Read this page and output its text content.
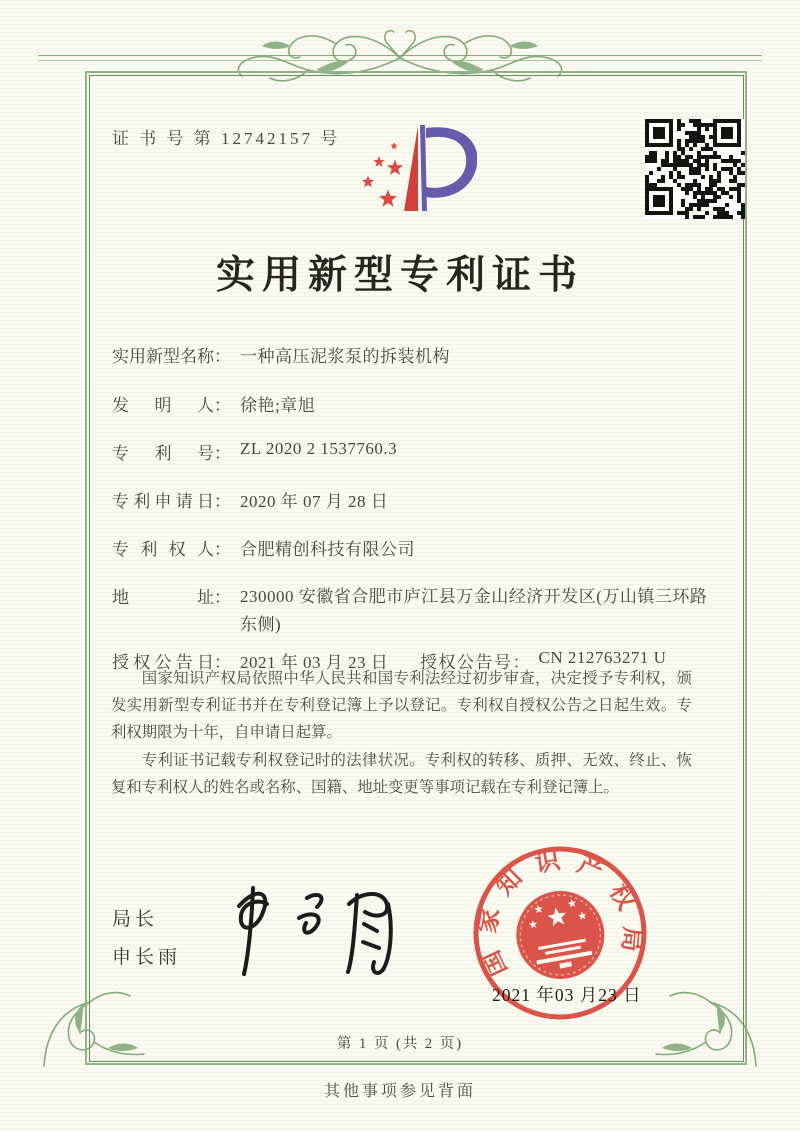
证 书 号 第 12742157 号
实用新型专利证书
实用新型名称： 一种高压泥浆泵的拆装机构
发明人： 徐艳;章旭
专利号： ZL 2020 2 1537760.3
专利申请日： 2020 年 07 月 28 日
专利权人： 合肥精创科技有限公司
地址： 230000 安徽省合肥市庐江县万金山经济开发区(万山镇三环路东侧)
授权公告日： 2021 年 03 月 23 日 授权公告号： CN 212763271 U

国家知识产权局依照中华人民共和国专利法经过初步审查，决定授予专利权，颁发实用新型专利证书并在专利登记簿上予以登记。专利权自授权公告之日起生效。专利权期限为十年，自申请日起算。

专利证书记载专利权登记时的法律状况。专利权的转移、质押、无效、终止、恢复和专利权人的姓名或名称、国籍、地址变更等事项记载在专利登记簿上。

局长
申长雨	国
家
知
识 产
权
局
2021 年03 月23 日
第 1 页 (共 2 页)
其他事项参见背面
